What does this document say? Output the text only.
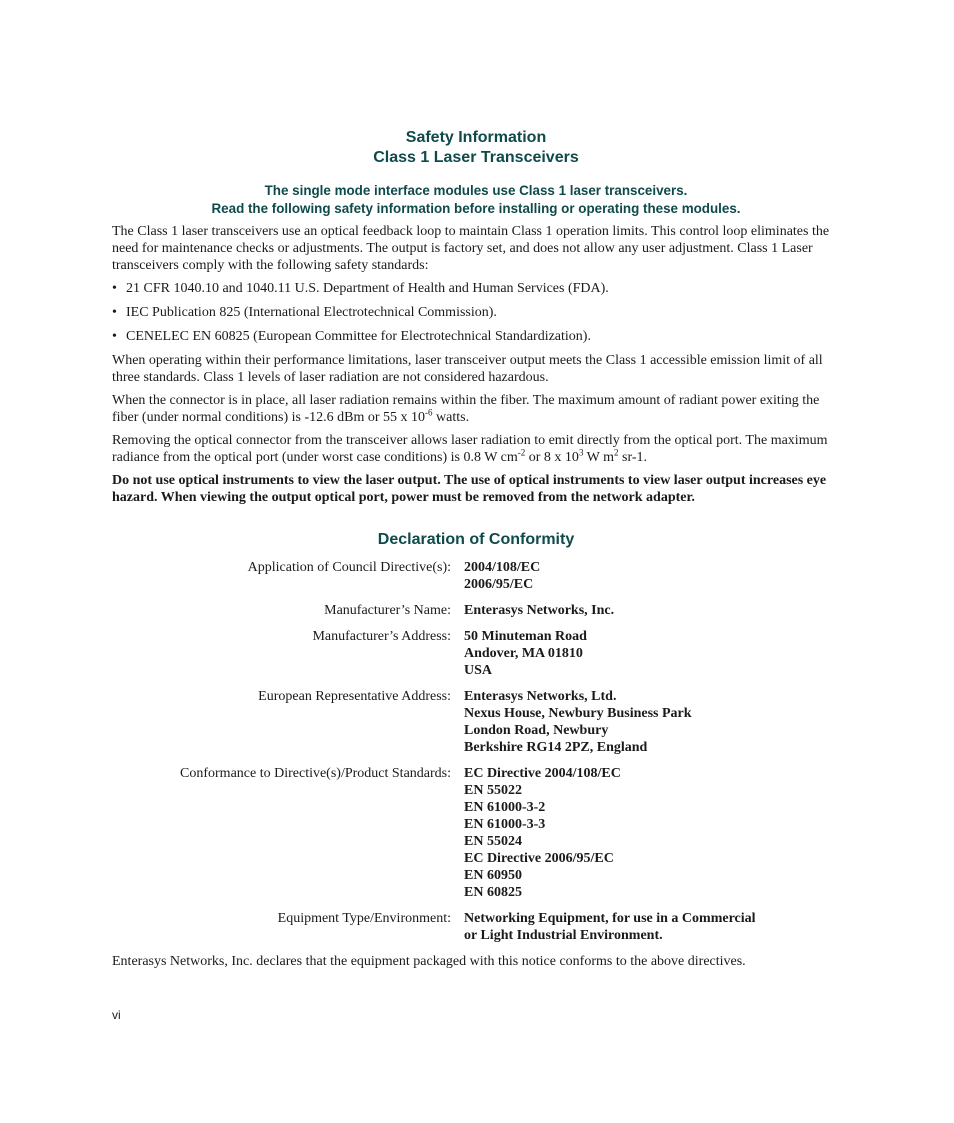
Safety Information
Class 1 Laser Transceivers
The single mode interface modules use Class 1 laser transceivers.
Read the following safety information before installing or operating these modules.

The Class 1 laser transceivers use an optical feedback loop to maintain Class 1 operation limits. This control loop eliminates the need for maintenance checks or adjustments. The output is factory set, and does not allow any user adjustment. Class 1 Laser transceivers comply with the following safety standards:

• 21 CFR 1040.10 and 1040.11 U.S. Department of Health and Human Services (FDA).
• IEC Publication 825 (International Electrotechnical Commission).
• CENELEC EN 60825 (European Committee for Electrotechnical Standardization).

When operating within their performance limitations, laser transceiver output meets the Class 1 accessible emission limit of all three standards. Class 1 levels of laser radiation are not considered hazardous.

When the connector is in place, all laser radiation remains within the fiber. The maximum amount of radiant power exiting the fiber (under normal conditions) is -12.6 dBm or 55 x $10^{-6}$ watts.

Removing the optical connector from the transceiver allows laser radiation to emit directly from the optical port. The maximum radiance from the optical port (under worst case conditions) is 0.8 W $cm^{-2}$ or 8 x $10^3$ W $m^2$ sr-1.

Do not use optical instruments to view the laser output. The use of optical instruments to view laser output increases eye hazard. When viewing the output optical port, power must be removed from the network adapter.

Declaration of Conformity
Application of Council Directive(s): 2004/108/EC
2006/95/EC
Manufacturer’s Name: Enterasys Networks, Inc.
Manufacturer’s Address: 50 Minuteman Road
Andover, MA 01810
USA
European Representative Address: Enterasys Networks, Ltd.
Nexus House, Newbury Business Park
London Road, Newbury
Berkshire RG14 2PZ, England
Conformance to Directive(s)/Product Standards: EC Directive 2004/108/EC
EN 55022
EN 61000-3-2
EN 61000-3-3
EN 55024
EC Directive 2006/95/EC
EN 60950
EN 60825
Equipment Type/Environment: Networking Equipment, for use in a Commercial
or Light Industrial Environment.

Enterasys Networks, Inc. declares that the equipment packaged with this notice conforms to the above directives.

vi
